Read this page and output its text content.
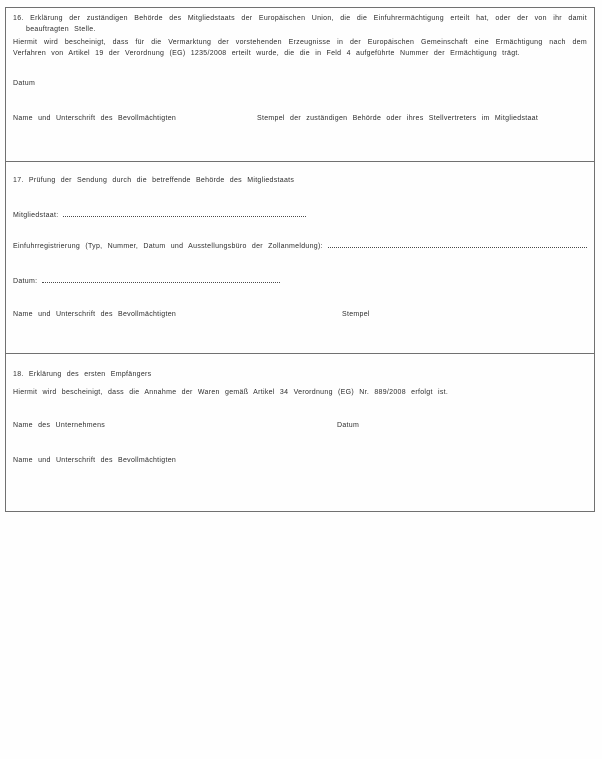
16. Erklärung der zuständigen Behörde des Mitgliedstaats der Europäischen Union, die die Einfuhrermächtigung erteilt hat, oder der von ihr damit beauftragten Stelle.
Hiermit wird bescheinigt, dass für die Vermarktung der vorstehenden Erzeugnisse in der Europäischen Gemeinschaft eine Ermächtigung nach dem Verfahren von Artikel 19 der Verordnung (EG) 1235/2008 erteilt wurde, die die in Feld 4 aufgeführte Nummer der Ermächtigung trägt.
Datum
Name und Unterschrift des Bevollmächtigten	Stempel der zuständigen Behörde oder ihres Stellvertreters im Mitgliedstaat
17. Prüfung der Sendung durch die betreffende Behörde des Mitgliedstaats
Mitgliedstaat:
Einfuhrregistrierung (Typ, Nummer, Datum und Ausstellungsbüro der Zollanmeldung):
Datum:
Name und Unterschrift des Bevollmächtigten	Stempel
18. Erklärung des ersten Empfängers
Hiermit wird bescheinigt, dass die Annahme der Waren gemäß Artikel 34 Verordnung (EG) Nr. 889/2008 erfolgt ist.
Name des Unternehmens	Datum
Name und Unterschrift des Bevollmächtigten
